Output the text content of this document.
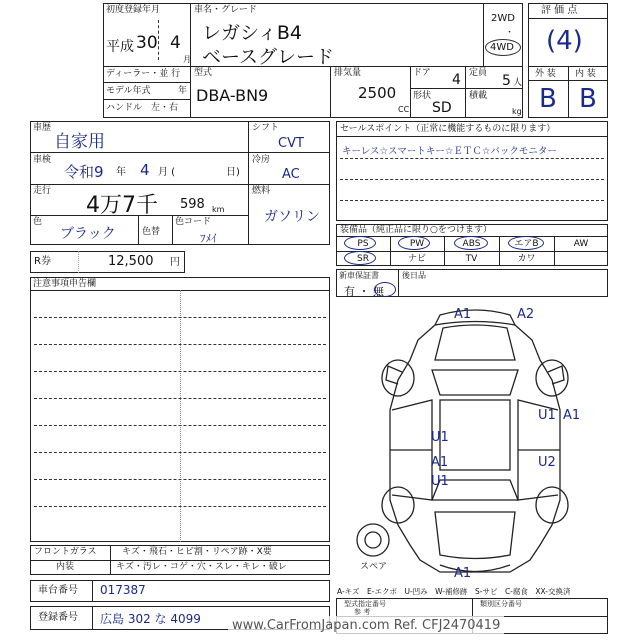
初度登録年月
平成 30 4
月
車名・グレード
レガシィB4
ベースグレード
2WD
・
4WD
ディーラー・並 行
モデル年式	年
ハンドル　左・右
型式
DBA-BN9
排気量
2500
CC
ドア 4
形状
SD
定員 5 人
積載
kg
評 価 点
(4)
外 装 内 装
B B
車歴
自家用
車検
令和9 年 4 月 (	日)
走行
4万7千 598 km
色
ブラック	色替
色コード
ﾌﾒｲ
シフト
CVT
冷房
AC
燃料
ガソリン
R券	12,500 円
セールスポイント（正常に機能するものに限ります）
キーレス☆スマートキー☆ＥＴＣ☆バックモニター
装備品（純正品に限り○をつけます）
PS	PW	ABS	エアB	AW
SR	ナビ	TV	カワ
新車保証書	後日品
有 ・ 無
注意事項申告欄
A1	A2
U1 A1
U1
A1
U1
U2
A1
スペア
フロントガラス	キズ・飛石・ヒビ割・リペア跡・X要
内装	キズ・汚レ・コゲ・穴・スレ・キレ・破レ
車台番号 017387
登録番号 広島 302 な 4099
A-キズ　E-エクボ　U-凹み　W-補修跡　S-サビ　C-腐食　XX-交換済
型式指定番号	類別区分番号
参 考
www.CarFromJapan.com Ref. CFJ2470419
